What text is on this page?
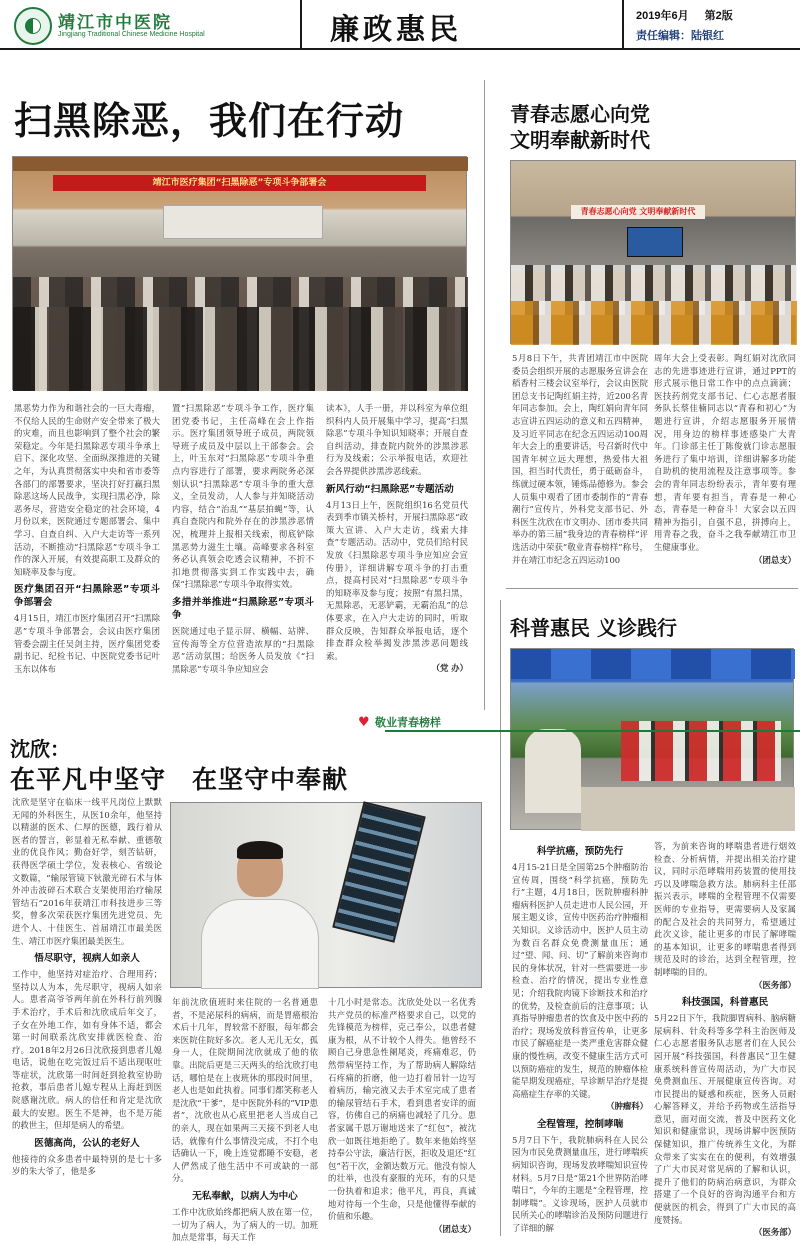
靖江市中医院
Jingjiang Traditional Chinese Medicine Hospital	廉政惠民	2019年6月 第2版
责任编辑：陆银红
扫黑除恶，我们在行动
靖江市医疗集团“扫黑除恶”专项斗争部署会
黑恶势力作为和谐社会的一巨大毒瘤，不仅给人民的生命财产安全带来了极大的灾难，而且也影响到了整个社会的繁荣稳定。今年是扫黑除恶专项斗争承上启下、深化攻坚、全面纵深推进的关键之年，为认真贯彻落实中央和省市委等各部门的部署要求，坚决打好打赢扫黑除恶这场人民战争，实现扫黑必净，除恶务尽，营造安全稳定的社会环境，4月份以来，医院通过专题部署会、集中学习、自查自纠、入户大走访等一系列活动，不断推动“扫黑除恶”专项斗争工作的深入开展，有效提高职工及群众的知晓率及参与度。
医疗集团召开“扫黑除恶”专项斗争部署会
4月15日，靖江市医疗集团召开“扫黑除恶”专项斗争部署会，会议由医疗集团管委会副主任吴剑主持，医疗集团党委副书记、纪检书记、中医院党委书记叶玉东以体布
置“扫黑除恶”专项斗争工作，医疗集团党委书记，主任高峰在会上作指示。医疗集团领导班子成员，两院领导班子成员及中层以上干部参会。会上，叶玉东对“扫黑除恶”专项斗争重点内容进行了部署，要求两院务必深刻认识“扫黑除恶”专项斗争的重大意义，全员发动，人人参与并知晓活动内容，结合“治乱”“基层拍蝇”等，认真自查院内和院外存在的涉黑涉恶情况，梳理并上报相关线索，彻底铲除黑恶势力滋生土壤。高峰要求各科室务必认真领会吃透会议精神，不折不扣地贯彻落实到工作实践中去，确保“扫黑除恶”专项斗争取得实效。
多措并举推进“扫黑除恶”专项斗争
医院通过电子显示屏、横幅、站牌、宣传海等全方位营造浓厚的“扫黑除恶”活动氛围；给医务人员发放《“扫黑除恶”专项斗争应知应会
读本》，人手一册，并以科室为单位组织科内人员开展集中学习，提高“扫黑除恶”专项斗争知识知晓率；开展自查自纠活动，排查院内院外的涉黑涉恶行为及线索；公示举报电话，欢迎社会各界提供涉黑涉恶线索。
新风行动“扫黑除恶”专题活动
4月13日上午，医院组织16名党员代表到季市镇关桥村，开展扫黑除恶“政策大宣讲、入户大走访，线索大排查”专题活动。活动中，党员们给村民发放《扫黑除恶专项斗争应知应会宣传册》，详细讲解专项斗争的打击重点，提高村民对“扫黑除恶”专项斗争的知晓率及参与度；按照“有黑扫黑，无黑除恶，无恶铲霸，无霸治乱”的总体要求，在入户大走访的同时，听取群众反映，告知群众举报电话，逐个排查群众检举揭发涉黑涉恶问题线索。
（党 办）
青春志愿心向党
文明奉献新时代
青春志愿心向党 文明奉献新时代
5月8日下午，共青团靖江市中医院委员会组织开展的志愿服务宣讲会在稻香村三楼会议室举行，会议由医院团总支书记陶红娟主持，近200名青年同志参加。会上，陶红娟向青年同志宣讲五四运动的意义和五四精神，及习近平同志在纪念五四运动100周年大会上的重要讲话，号召新时代中国青年树立远大理想，热爱伟大祖国，担当时代责任，勇于砥砺奋斗，练就过硬本领，锤炼品德修为。参会人员集中观看了团市委制作的“青春潮行”宣传片，外科党支部书记、外科医生沈欣在市文明办、团市委共同举办的第三届“我身边的青春榜样”评选活动中荣获“敬业青春榜样”称号，并在靖江市纪念五四运动100
周年大会上受表彰。陶红娟对沈欣同志的先进事迹进行宣讲，通过PPT的形式展示他日常工作中的点点滴滴；医技药剂党支部书记、仁心志愿者服务队长蔡佳楠同志以“青春和初心”为题进行宣讲，介绍志愿服务开展情况，用身边的榜样事迹感染广大青年。门诊部主任丁陈俊就门诊志愿服务进行了集中培训，详细讲解多功能自助机的使用流程及注意事项等。参会的青年同志纷纷表示，青年要有理想，青年要有担当，青春是一种心态，青春是一种奋斗！大家会以五四精神为指引，自强不息，拼搏向上，用青春之我，奋斗之我奉献靖江市卫生健康事业。
（团总支）
科普惠民 义诊践行
科学抗癌，预防先行
4月15-21日是全国第25个肿瘤防治宣传周，围绕“科学抗癌，预防先行”主题，4月18日，医院肿瘤科肿瘤病科医护人员走进市人民公园，开展主题义诊，宣传中医药治疗肿瘤相关知识。义诊活动中，医护人员主动为数百名群众免费测量血压；通过“望、闻、问、切”了解前来咨询市民的身体状况，针对一些需要进一步检查、治疗的情况，提出专业性意见；介绍我院肉镜下诊断技术和治疗的优势，及检查前后的注意事项；认真指导肿瘤患者的饮食及中医中药的治疗；现场发放科普宣传单，让更多市民了解癌症是一类严重危害群众健康的慢性病，改变不健康生活方式可以预防癌症的发生，规范的肿瘤体检能早期发现癌症，早诊断早治疗是提高癌症生存率的关键。
（肿瘤科）
全程管理，控制哮喘
5月7日下午，我院肺病科在人民公园为市民免费测量血压，进行哮喘疾病知识咨询，现场发放哮喘知识宣传材料。5月7日是“第21个世界防治哮喘日”，今年的主题是“全程管理，控制哮喘”。义诊现场，医护人员就市民所关心的哮喘诊治及预防问题进行了详细的解
答，为前来咨询的哮喘患者进行烟效检查、分析病情，并提出相关治疗建议，同时示范哮喘用药装置的使用技巧以及哮喘急救方法。肺病科主任邵振兴表示，哮喘的全程管理不仅需要医师的专业指导，更需要病人及家属的配合及社会的共同努力，希望通过此次义诊，能让更多的市民了解哮喘的基本知识，让更多的哮喘患者得到规范及时的诊治，达到全程管理，控制哮喘的目的。
（医务部）
科技强国，科普惠民
5月22日下午，我院脚胃病科、脑病糖尿病科、针灸科等多学科主治医师及仁心志愿者服务队志愿者们在人民公园开展“科技强国，科普惠民”卫生健康系统科普宣传周活动，为广大市民免费测血压、开展健康宣传咨询。对市民提出的疑惑和疾症，医务人员耐心解答释义，并给予药物或生活指导意见，面对面交流，普及中医药文化知识和健康常识，现场讲解中医预防保健知识，推广传统养生文化，为群众带来了实实在在的便利，有效增强了广大市民对常见病的了解和认识，提升了他们的防病治病意识，为群众搭建了一个良好的咨询沟通平台和方便就医的机会，得到了广大市民的高度赞扬。
（医务部）
♥ 敬业青春榜样
沈欣：
在平凡中坚守　在坚守中奉献
沈欣是坚守在临床一线平凡岗位上默默无闻的外科医生，从医10余年，他坚持以精湛的医术、仁厚的医德，践行着从医者的誓言，彰显着无私奉献、重德敬业的优良作风；勤奋好学，刻苦钻研，获得医学硕士学位，发表核心、省级论文数篇，“输尿管镜下钬激光碎石术与体外冲击波碎石术联合支架使用治疗输尿管结石”2016年获靖江市科技进步三等奖，曾多次荣获医疗集团先进党员、先进个人、十佳医生、首届靖江市最美医生、靖江市医疗集团最美医生。
悟尽职守，视病人如亲人
工作中，他坚持对症治疗、合理用药；坚持以人为本，先尽职守，视病人如亲人。患者高爷爷两年前在外科行前列腺手术治疗，手术后和沈欣成后年交了，子女在外地工作，如有身体不适，都会第一时间联系沈欣安排就医检查、治疗。2018年2月26日沈欣接到患者儿媳电话，说他在吃完饭过后不适出现呕吐等症状，沈欣第一时间赶到抢救室协助抢救，事后患者儿媳专程从上海赶到医院感谢沈欣。病人的信任和肯定是沈欣最大的安慰。医生不是神，也不是万能的救世主，但却是病人的希望。
医德高尚，公认的老好人
他接待的众多患者中最特别的是七十多岁的朱大爷了，他是多
年前沈欣值班时来住院的一名普通患者，不是泌尿科的病病，而是胃癌根治术后十几年，胃较常不舒服，每年都会来医院住院好多次。老人无儿无女，孤身一人，住院期间沈欣就成了他的依靠。出院后更是三天两头的给沈欣打电话，哪怕是在上夜班休的那段时间里，老人也是如此执着。同事们都笑称老人是沈欣“干爹”，是中医院外科的“VIP患者”，沈欣也从心底里把老人当成自己的亲人，现在如果两三天接不到老人电话，就像有什么事情没完成，不打个电话确认一下，晚上连觉都睡不安稳，老人俨然成了他生活中不可或缺的一部分。
无私奉献，以病人为中心
工作中沈欣始终都把病人放在第一位，一切为了病人，为了病人的一切。加班加点是常事，每天工作
十几小时是常态。沈欣处处以一名优秀共产党员的标准严格要求自己，以党的先锋模范为榜样，克己奉公，以患者健康为根，从不计较个人得失。他曾经不顾自己身患急性阑尾炎，疼痛难忍，仍然带病坚持工作，为了帮助病人解除结石疼痛的折磨，他一边打着吊针一边写着病历，输完液又去手术室完成了患者的输尿管结石手术，看到患者安详的面容，仿佛自己的病痛也减轻了几分。患者家属千恩万谢地送来了“红包”，被沈欣一如既往地拒绝了。数年来他始终坚持奉公守法，廉洁行医，拒收及退还“红包”若干次，金额达数万元。他没有惊人的壮举，也没有豪服的光环，有的只是一份执着和追求；他平凡，再良，真诚地对待每一个生命，只是他懂得奉献的价值和乐趣。
（团总支）
